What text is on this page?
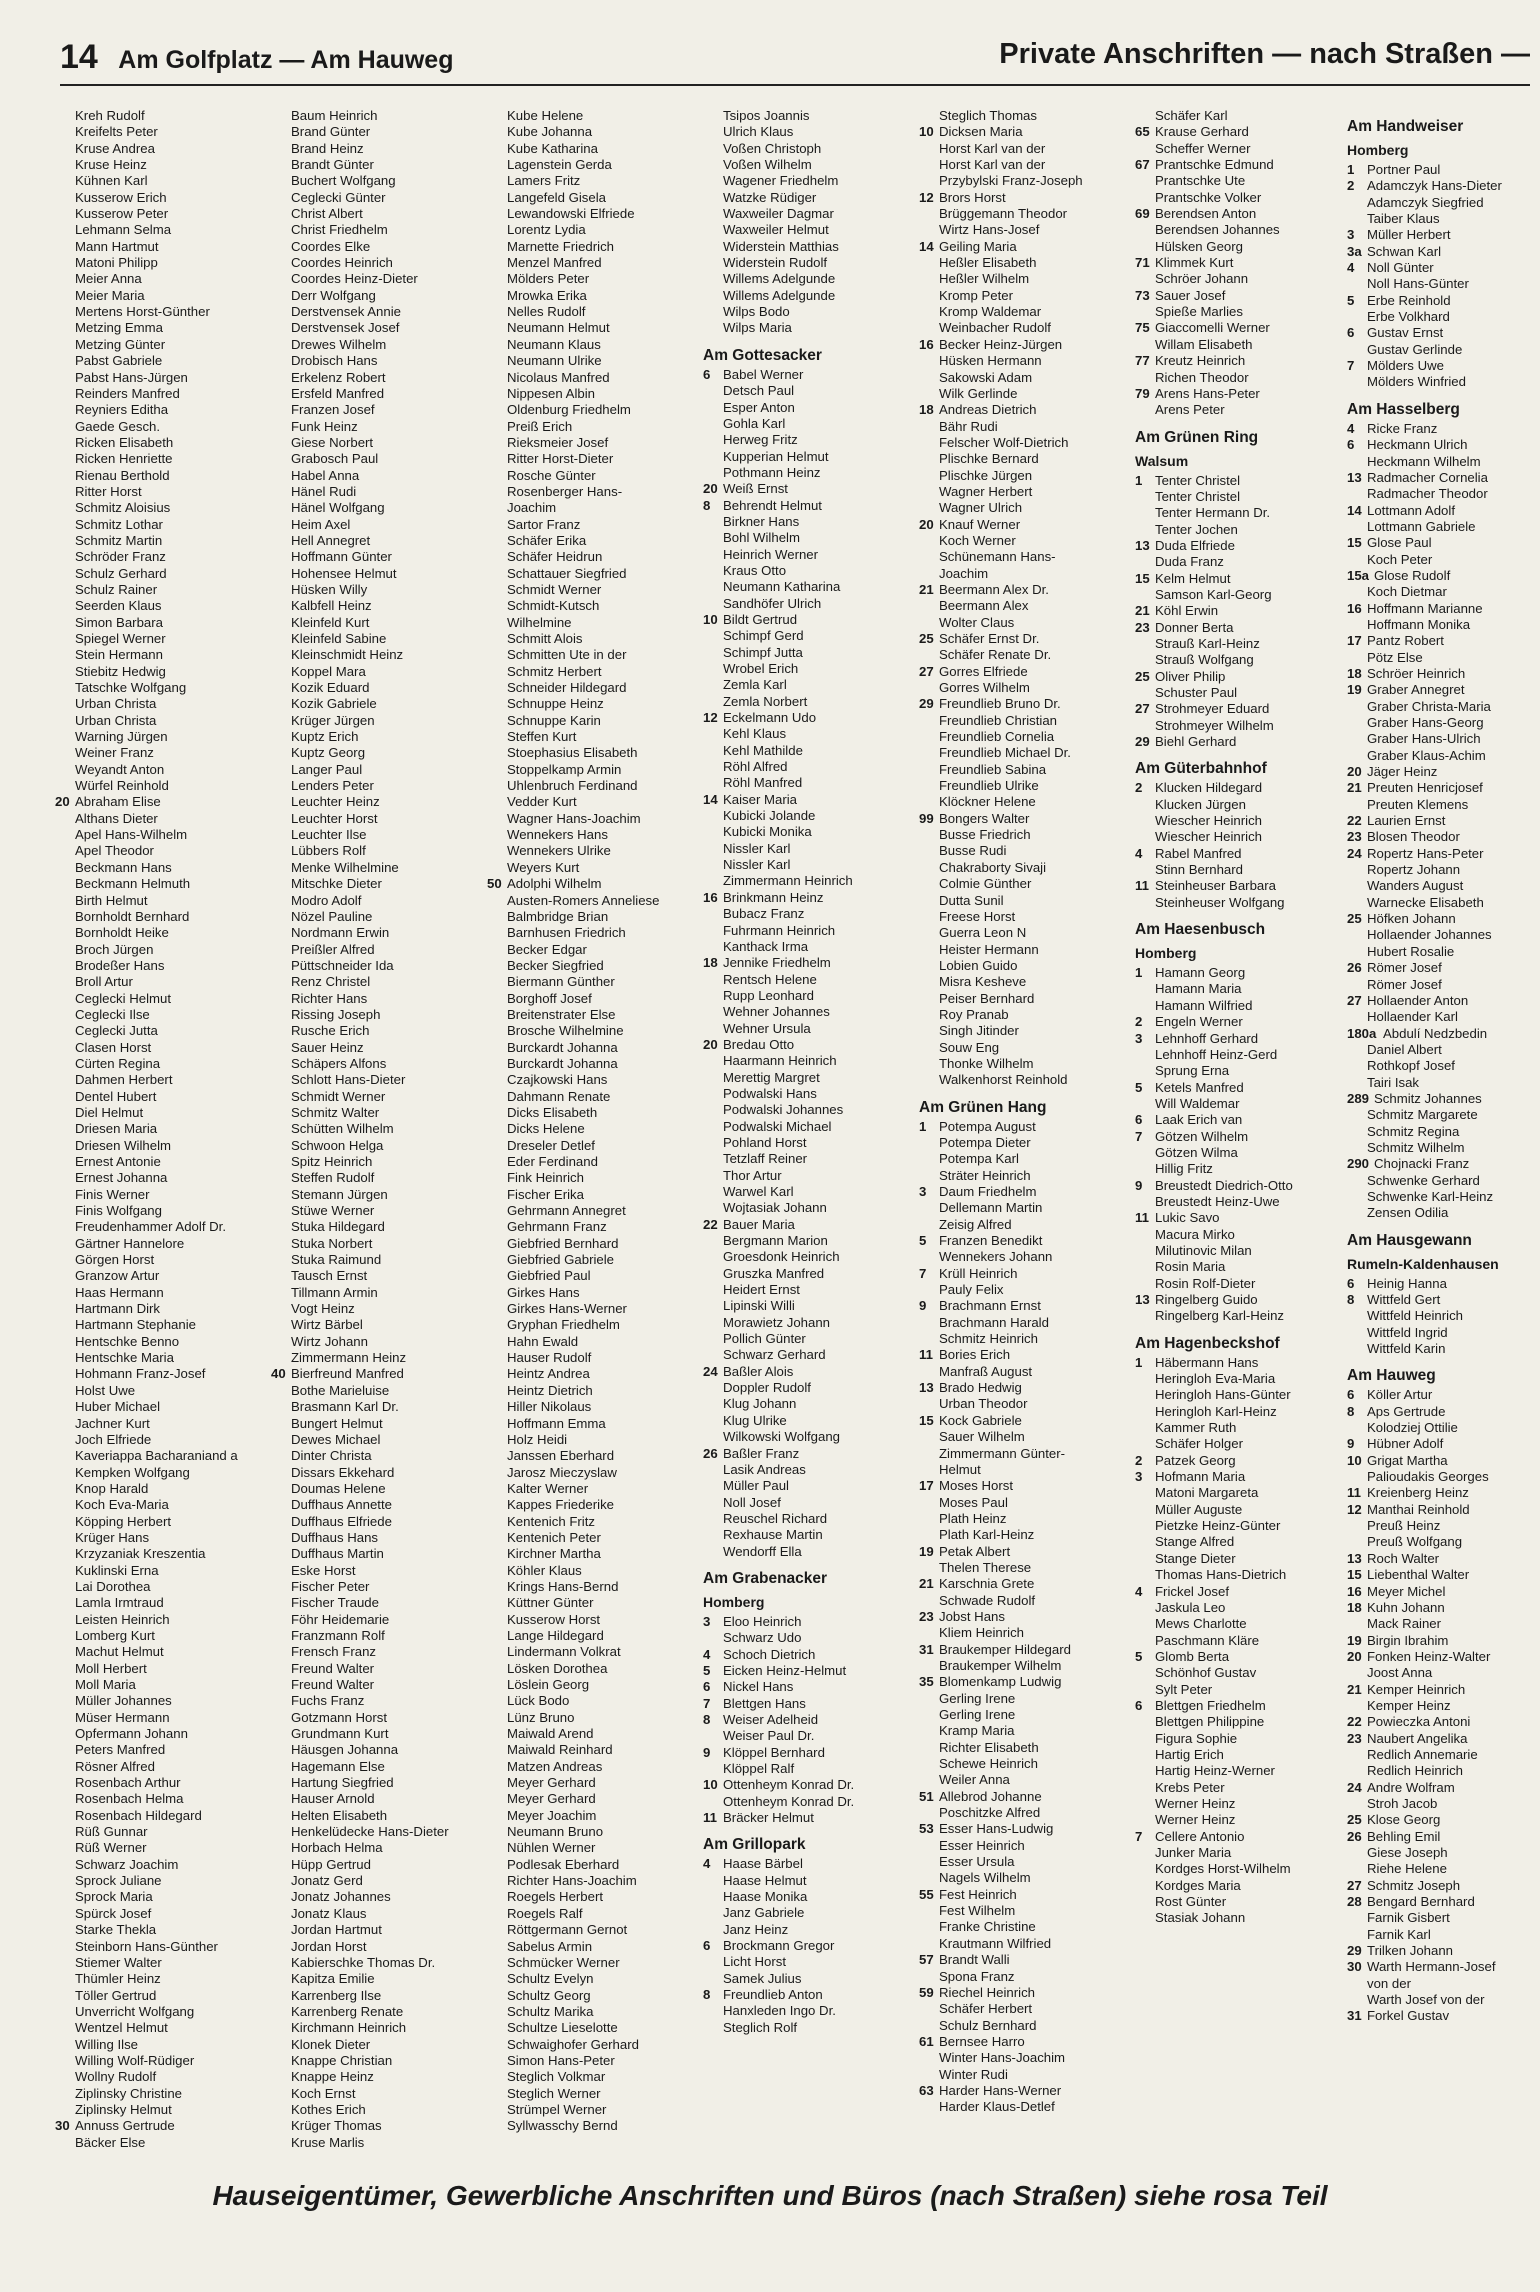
14 Am Golfplatz — Am Hauweg	Private Anschriften — nach Straßen —
Kreh Rudolf
Kreifelts Peter
Kruse Andrea
Kruse Heinz
Kühnen Karl
Kusserow Erich
Kusserow Peter
Lehmann Selma
Mann Hartmut
Matoni Philipp
Meier Anna
Meier Maria
Mertens Horst-Günther
Metzing Emma
Metzing Günter
Pabst Gabriele
Pabst Hans-Jürgen
Reinders Manfred
Reyniers Editha
Gaede Gesch.
Ricken Elisabeth
Ricken Henriette
Rienau Berthold
Ritter Horst
Schmitz Aloisius
Schmitz Lothar
Schmitz Martin
Schröder Franz
Schulz Gerhard
Schulz Rainer
Seerden Klaus
Simon Barbara
Spiegel Werner
Stein Hermann
Stiebitz Hedwig
Tatschke Wolfgang
Urban Christa
Urban Christa
Warning Jürgen
Weiner Franz
Weyandt Anton
Würfel Reinhold
20 Abraham Elise
Althans Dieter
Apel Hans-Wilhelm
Apel Theodor
Beckmann Hans
Beckmann Helmuth
Birth Helmut
Bornholdt Bernhard
Bornholdt Heike
Broch Jürgen
Brodeßer Hans
Broll Artur
Ceglecki Helmut
Ceglecki Ilse
Ceglecki Jutta
Clasen Horst
Cürten Regina
Dahmen Herbert
Dentel Hubert
Diel Helmut
Driesen Maria
Driesen Wilhelm
Ernest Antonie
Ernest Johanna
Finis Werner
Finis Wolfgang
Freudenhammer Adolf Dr.
Gärtner Hannelore
Görgen Horst
Granzow Artur
Haas Hermann
Hartmann Dirk
Hartmann Stephanie
Hentschke Benno
Hentschke Maria
Hohmann Franz-Josef
Holst Uwe
Huber Michael
Jachner Kurt
Joch Elfriede
Kaveriappa Bacharaniand a
Kempken Wolfgang
Knop Harald
Koch Eva-Maria
Köpping Herbert
Krüger Hans
Krzyzaniak Kreszentia
Kuklinski Erna
Lai Dorothea
Lamla Irmtraud
Leisten Heinrich
Lomberg Kurt
Machut Helmut
Moll Herbert
Moll Maria
Müller Johannes
Müser Hermann
Opfermann Johann
Peters Manfred
Rösner Alfred
Rosenbach Arthur
Rosenbach Helma
Rosenbach Hildegard
Rüß Gunnar
Rüß Werner
Schwarz Joachim
Sprock Juliane
Sprock Maria
Spürck Josef
Starke Thekla
Steinborn Hans-Günther
Stiemer Walter
Thümler Heinz
Töller Gertrud
Unverricht Wolfgang
Wentzel Helmut
Willing Ilse
Willing Wolf-Rüdiger
Wollny Rudolf
Ziplinsky Christine
Ziplinsky Helmut
30 Annuss Gertrude
Bäcker Else
Baum Heinrich
Brand Günter
Brand Heinz
Brandt Günter
Buchert Wolfgang
Ceglecki Günter
Christ Albert
Christ Friedhelm
Coordes Elke
Coordes Heinrich
Coordes Heinz-Dieter
Derr Wolfgang
Derstvensek Annie
Derstvensek Josef
Drewes Wilhelm
Drobisch Hans
Erkelenz Robert
Ersfeld Manfred
Franzen Josef
Funk Heinz
Giese Norbert
Grabosch Paul
Habel Anna
Hänel Rudi
Hänel Wolfgang
Heim Axel
Hell Annegret
Hoffmann Günter
Hohensee Helmut
Hüsken Willy
Kalbfell Heinz
Kleinfeld Kurt
Kleinfeld Sabine
Kleinschmidt Heinz
Koppel Mara
Kozik Eduard
Kozik Gabriele
Krüger Jürgen
Kuptz Erich
Kuptz Georg
Langer Paul
Lenders Peter
Leuchter Heinz
Leuchter Horst
Leuchter Ilse
Lübbers Rolf
Menke Wilhelmine
Mitschke Dieter
Modro Adolf
Nözel Pauline
Nordmann Erwin
Preißler Alfred
Püttschneider Ida
Renz Christel
Richter Hans
Rissing Joseph
Rusche Erich
Sauer Heinz
Schäpers Alfons
Schlott Hans-Dieter
Schmidt Werner
Schmitz Walter
Schütten Wilhelm
Schwoon Helga
Spitz Heinrich
Steffen Rudolf
Stemann Jürgen
Stüwe Werner
Stuka Hildegard
Stuka Norbert
Stuka Raimund
Tausch Ernst
Tillmann Armin
Vogt Heinz
Wirtz Bärbel
Wirtz Johann
Zimmermann Heinz
40 Bierfreund Manfred
Bothe Marieluise
Brasmann Karl Dr.
Bungert Helmut
Dewes Michael
Dinter Christa
Dissars Ekkehard
Doumas Helene
Duffhaus Annette
Duffhaus Elfriede
Duffhaus Hans
Duffhaus Martin
Eske Horst
Fischer Peter
Fischer Traude
Föhr Heidemarie
Franzmann Rolf
Frensch Franz
Freund Walter
Freund Walter
Fuchs Franz
Gotzmann Horst
Grundmann Kurt
Häusgen Johanna
Hagemann Else
Hartung Siegfried
Hauser Arnold
Helten Elisabeth
Henkelüdecke Hans-Dieter
Horbach Helma
Hüpp Gertrud
Jonatz Gerd
Jonatz Johannes
Jonatz Klaus
Jordan Hartmut
Jordan Horst
Kabierschke Thomas Dr.
Kapitza Emilie
Karrenberg Ilse
Karrenberg Renate
Kirchmann Heinrich
Klonek Dieter
Knappe Christian
Knappe Heinz
Koch Ernst
Kothes Erich
Krüger Thomas
Kruse Marlis
Kube Helene
Kube Johanna
Kube Katharina
Lagenstein Gerda
Lamers Fritz
Langefeld Gisela
Lewandowski Elfriede
Lorentz Lydia
Marnette Friedrich
Menzel Manfred
Mölders Peter
Mrowka Erika
Nelles Rudolf
Neumann Helmut
Neumann Klaus
Neumann Ulrike
Nicolaus Manfred
Nippesen Albin
Oldenburg Friedhelm
Preiß Erich
Rieksmeier Josef
Ritter Horst-Dieter
Rosche Günter
Rosenberger Hans-
Joachim
Sartor Franz
Schäfer Erika
Schäfer Heidrun
Schattauer Siegfried
Schmidt Werner
Schmidt-Kutsch
Wilhelmine
Schmitt Alois
Schmitten Ute in der
Schmitz Herbert
Schneider Hildegard
Schnuppe Heinz
Schnuppe Karin
Steffen Kurt
Stoephasius Elisabeth
Stoppelkamp Armin
Uhlenbruch Ferdinand
Vedder Kurt
Wagner Hans-Joachim
Wennekers Hans
Wennekers Ulrike
Weyers Kurt
50 Adolphi Wilhelm
Austen-Romers Anneliese
Balmbridge Brian
Barnhusen Friedrich
Becker Edgar
Becker Siegfried
Biermann Günther
Borghoff Josef
Breitenstrater Else
Brosche Wilhelmine
Burckardt Johanna
Burckardt Johanna
Czajkowski Hans
Dahmann Renate
Dicks Elisabeth
Dicks Helene
Dreseler Detlef
Eder Ferdinand
Fink Heinrich
Fischer Erika
Gehrmann Annegret
Gehrmann Franz
Giebfried Bernhard
Giebfried Gabriele
Giebfried Paul
Girkes Hans
Girkes Hans-Werner
Gryphan Friedhelm
Hahn Ewald
Hauser Rudolf
Heintz Andrea
Heintz Dietrich
Hiller Nikolaus
Hoffmann Emma
Holz Heidi
Janssen Eberhard
Jarosz Mieczyslaw
Kalter Werner
Kappes Friederike
Kentenich Fritz
Kentenich Peter
Kirchner Martha
Köhler Klaus
Krings Hans-Bernd
Küttner Günter
Kusserow Horst
Lange Hildegard
Lindermann Volkrat
Lösken Dorothea
Löslein Georg
Lück Bodo
Lünz Bruno
Maiwald Arend
Maiwald Reinhard
Matzen Andreas
Meyer Gerhard
Meyer Gerhard
Meyer Joachim
Neumann Bruno
Nühlen Werner
Podlesak Eberhard
Richter Hans-Joachim
Roegels Herbert
Roegels Ralf
Röttgermann Gernot
Sabelus Armin
Schmücker Werner
Schultz Evelyn
Schultz Georg
Schultz Marika
Schultze Lieselotte
Schwaighofer Gerhard
Simon Hans-Peter
Steglich Volkmar
Steglich Werner
Strümpel Werner
Syllwasschy Bernd
Tsipos Joannis
Ulrich Klaus
Voßen Christoph
Voßen Wilhelm
Wagener Friedhelm
Watzke Rüdiger
Waxweiler Dagmar
Waxweiler Helmut
Widerstein Matthias
Widerstein Rudolf
Willems Adelgunde
Willems Adelgunde
Wilps Bodo
Wilps Maria
Am Gottesacker
6 Babel Werner
Detsch Paul
Esper Anton
Gohla Karl
Herweg Fritz
Kupperian Helmut
Pothmann Heinz
20 Weiß Ernst
8 Behrendt Helmut
Birkner Hans
Bohl Wilhelm
Heinrich Werner
Kraus Otto
Neumann Katharina
Sandhöfer Ulrich
10 Bildt Gertrud
Schimpf Gerd
Schimpf Jutta
Wrobel Erich
Zemla Karl
Zemla Norbert
12 Eckelmann Udo
Kehl Klaus
Kehl Mathilde
Röhl Alfred
Röhl Manfred
14 Kaiser Maria
Kubicki Jolande
Kubicki Monika
Nissler Karl
Nissler Karl
Zimmermann Heinrich
16 Brinkmann Heinz
Bubacz Franz
Fuhrmann Heinrich
Kanthack Irma
18 Jennike Friedhelm
Rentsch Helene
Rupp Leonhard
Wehner Johannes
Wehner Ursula
20 Bredau Otto
Haarmann Heinrich
Merettig Margret
Podwalski Hans
Podwalski Johannes
Podwalski Michael
Pohland Horst
Tetzlaff Reiner
Thor Artur
Warwel Karl
Wojtasiak Johann
22 Bauer Maria
Bergmann Marion
Groesdonk Heinrich
Gruszka Manfred
Heidert Ernst
Lipinski Willi
Morawietz Johann
Pollich Günter
Schwarz Gerhard
24 Baßler Alois
Doppler Rudolf
Klug Johann
Klug Ulrike
Wilkowski Wolfgang
26 Baßler Franz
Lasik Andreas
Müller Paul
Noll Josef
Reuschel Richard
Rexhause Martin
Wendorff Ella
Am Grabenacker
Homberg
3 Eloo Heinrich
Schwarz Udo
4 Schoch Dietrich
5 Eicken Heinz-Helmut
6 Nickel Hans
7 Blettgen Hans
8 Weiser Adelheid
Weiser Paul Dr.
9 Klöppel Bernhard
Klöppel Ralf
10 Ottenheym Konrad Dr.
Ottenheym Konrad Dr.
11 Bräcker Helmut
Am Grillopark
4 Haase Bärbel
Haase Helmut
Haase Monika
Janz Gabriele
Janz Heinz
6 Brockmann Gregor
Licht Horst
Samek Julius
8 Freundlieb Anton
Hanxleden Ingo Dr.
Steglich Rolf
Steglich Thomas
10 Dicksen Maria
Horst Karl van der
Horst Karl van der
Przybylski Franz-Joseph
12 Brors Horst
Brüggemann Theodor
Wirtz Hans-Josef
14 Geiling Maria
Heßler Elisabeth
Heßler Wilhelm
Kromp Peter
Kromp Waldemar
Weinbacher Rudolf
16 Becker Heinz-Jürgen
Hüsken Hermann
Sakowski Adam
Wilk Gerlinde
18 Andreas Dietrich
Bähr Rudi
Felscher Wolf-Dietrich
Plischke Bernard
Plischke Jürgen
Wagner Herbert
Wagner Ulrich
20 Knauf Werner
Koch Werner
Schünemann Hans-
Joachim
21 Beermann Alex Dr.
Beermann Alex
Wolter Claus
25 Schäfer Ernst Dr.
Schäfer Renate Dr.
27 Gorres Elfriede
Gorres Wilhelm
29 Freundlieb Bruno Dr.
Freundlieb Christian
Freundlieb Cornelia
Freundlieb Michael Dr.
Freundlieb Sabina
Freundlieb Ulrike
Klöckner Helene
99 Bongers Walter
Busse Friedrich
Busse Rudi
Chakraborty Sivaji
Colmie Günther
Dutta Sunil
Freese Horst
Guerra Leon N
Heister Hermann
Lobien Guido
Misra Kesheve
Peiser Bernhard
Roy Pranab
Singh Jitinder
Souw Eng
Thonke Wilhelm
Walkenhorst Reinhold
Am Grünen Hang
1 Potempa August
Potempa Dieter
Potempa Karl
Sträter Heinrich
3 Daum Friedhelm
Dellemann Martin
Zeisig Alfred
5 Franzen Benedikt
Wennekers Johann
7 Krüll Heinrich
Pauly Felix
9 Brachmann Ernst
Brachmann Harald
Schmitz Heinrich
11 Bories Erich
Manfraß August
13 Brado Hedwig
Urban Theodor
15 Kock Gabriele
Sauer Wilhelm
Zimmermann Günter-
Helmut
17 Moses Horst
Moses Paul
Plath Heinz
Plath Karl-Heinz
19 Petak Albert
Thelen Therese
21 Karschnia Grete
Schwade Rudolf
23 Jobst Hans
Kliem Heinrich
31 Braukemper Hildegard
Braukemper Wilhelm
35 Blomenkamp Ludwig
Gerling Irene
Gerling Irene
Kramp Maria
Richter Elisabeth
Schewe Heinrich
Weiler Anna
51 Allebrod Johanne
Poschitzke Alfred
53 Esser Hans-Ludwig
Esser Heinrich
Esser Ursula
Nagels Wilhelm
55 Fest Heinrich
Fest Wilhelm
Franke Christine
Krautmann Wilfried
57 Brandt Walli
Spona Franz
59 Riechel Heinrich
Schäfer Herbert
Schulz Bernhard
61 Bernsee Harro
Winter Hans-Joachim
Winter Rudi
63 Harder Hans-Werner
Harder Klaus-Detlef
Schäfer Karl
65 Krause Gerhard
Scheffer Werner
67 Prantschke Edmund
Prantschke Ute
Prantschke Volker
69 Berendsen Anton
Berendsen Johannes
Hülsken Georg
71 Klimmek Kurt
Schröer Johann
73 Sauer Josef
Spieße Marlies
75 Giaccomelli Werner
Willam Elisabeth
77 Kreutz Heinrich
Richen Theodor
79 Arens Hans-Peter
Arens Peter
Am Grünen Ring
Walsum
1 Tenter Christel
Tenter Christel
Tenter Hermann Dr.
Tenter Jochen
13 Duda Elfriede
Duda Franz
15 Kelm Helmut
Samson Karl-Georg
21 Köhl Erwin
23 Donner Berta
Strauß Karl-Heinz
Strauß Wolfgang
25 Oliver Philip
Schuster Paul
27 Strohmeyer Eduard
Strohmeyer Wilhelm
29 Biehl Gerhard
Am Güterbahnhof
2 Klucken Hildegard
Klucken Jürgen
Wiescher Heinrich
Wiescher Heinrich
4 Rabel Manfred
Stinn Bernhard
11 Steinheuser Barbara
Steinheuser Wolfgang
Am Haesenbusch
Homberg
1 Hamann Georg
Hamann Maria
Hamann Wilfried
2 Engeln Werner
3 Lehnhoff Gerhard
Lehnhoff Heinz-Gerd
Sprung Erna
5 Ketels Manfred
Will Waldemar
6 Laak Erich van
7 Götzen Wilhelm
Götzen Wilma
Hillig Fritz
9 Breustedt Diedrich-Otto
Breustedt Heinz-Uwe
11 Lukic Savo
Macura Mirko
Milutinovic Milan
Rosin Maria
Rosin Rolf-Dieter
13 Ringelberg Guido
Ringelberg Karl-Heinz
Am Hagenbeckshof
1 Häbermann Hans
Heringloh Eva-Maria
Heringloh Hans-Günter
Heringloh Karl-Heinz
Kammer Ruth
Schäfer Holger
2 Patzek Georg
3 Hofmann Maria
Matoni Margareta
Müller Auguste
Pietzke Heinz-Günter
Stange Alfred
Stange Dieter
Thomas Hans-Dietrich
4 Frickel Josef
Jaskula Leo
Mews Charlotte
Paschmann Kläre
5 Glomb Berta
Schönhof Gustav
Sylt Peter
6 Blettgen Friedhelm
Blettgen Philippine
Figura Sophie
Hartig Erich
Hartig Heinz-Werner
Krebs Peter
Werner Heinz
Werner Heinz
7 Cellere Antonio
Junker Maria
Kordges Horst-Wilhelm
Kordges Maria
Rost Günter
Stasiak Johann
Am Handweiser
Homberg
1 Portner Paul
2 Adamczyk Hans-Dieter
Adamczyk Siegfried
Taiber Klaus
3 Müller Herbert
3a Schwan Karl
4 Noll Günter
Noll Hans-Günter
5 Erbe Reinhold
Erbe Volkhard
6 Gustav Ernst
Gustav Gerlinde
7 Mölders Uwe
Mölders Winfried
Am Hasselberg
4 Ricke Franz
6 Heckmann Ulrich
Heckmann Wilhelm
13 Radmacher Cornelia
Radmacher Theodor
14 Lottmann Adolf
Lottmann Gabriele
15 Glose Paul
Koch Peter
15a Glose Rudolf
Koch Dietmar
16 Hoffmann Marianne
Hoffmann Monika
17 Pantz Robert
Pötz Else
18 Schröer Heinrich
19 Graber Annegret
Graber Christa-Maria
Graber Hans-Georg
Graber Hans-Ulrich
Graber Klaus-Achim
20 Jäger Heinz
21 Preuten Henricjosef
Preuten Klemens
22 Laurien Ernst
23 Blosen Theodor
24 Ropertz Hans-Peter
Ropertz Johann
Wanders August
Warnecke Elisabeth
25 Höfken Johann
Hollaender Johannes
Hubert Rosalie
26 Römer Josef
Römer Josef
27 Hollaender Anton
Hollaender Karl
180a Abdulí Nedzbedin
Daniel Albert
Rothkopf Josef
Tairi Isak
289 Schmitz Johannes
Schmitz Margarete
Schmitz Regina
Schmitz Wilhelm
290 Chojnacki Franz
Schwenke Gerhard
Schwenke Karl-Heinz
Zensen Odilia
Am Hausgewann
Rumeln-Kaldenhausen
6 Heinig Hanna
8 Wittfeld Gert
Wittfeld Heinrich
Wittfeld Ingrid
Wittfeld Karin
Am Hauweg
6 Köller Artur
8 Aps Gertrude
Kolodziej Ottilie
9 Hübner Adolf
10 Grigat Martha
Palioudakis Georges
11 Kreienberg Heinz
12 Manthai Reinhold
Preuß Heinz
Preuß Wolfgang
13 Roch Walter
15 Liebenthal Walter
16 Meyer Michel
18 Kuhn Johann
Mack Rainer
19 Birgin Ibrahim
20 Fonken Heinz-Walter
Joost Anna
21 Kemper Heinrich
Kemper Heinz
22 Powieczka Antoni
23 Naubert Angelika
Redlich Annemarie
Redlich Heinrich
24 Andre Wolfram
Stroh Jacob
25 Klose Georg
26 Behling Emil
Giese Joseph
Riehe Helene
27 Schmitz Joseph
28 Bengard Bernhard
Farnik Gisbert
Farnik Karl
29 Trilken Johann
30 Warth Hermann-Josef
von der
Warth Josef von der
31 Forkel Gustav
Hauseigentümer, Gewerbliche Anschriften und Büros (nach Straßen) siehe rosa Teil
